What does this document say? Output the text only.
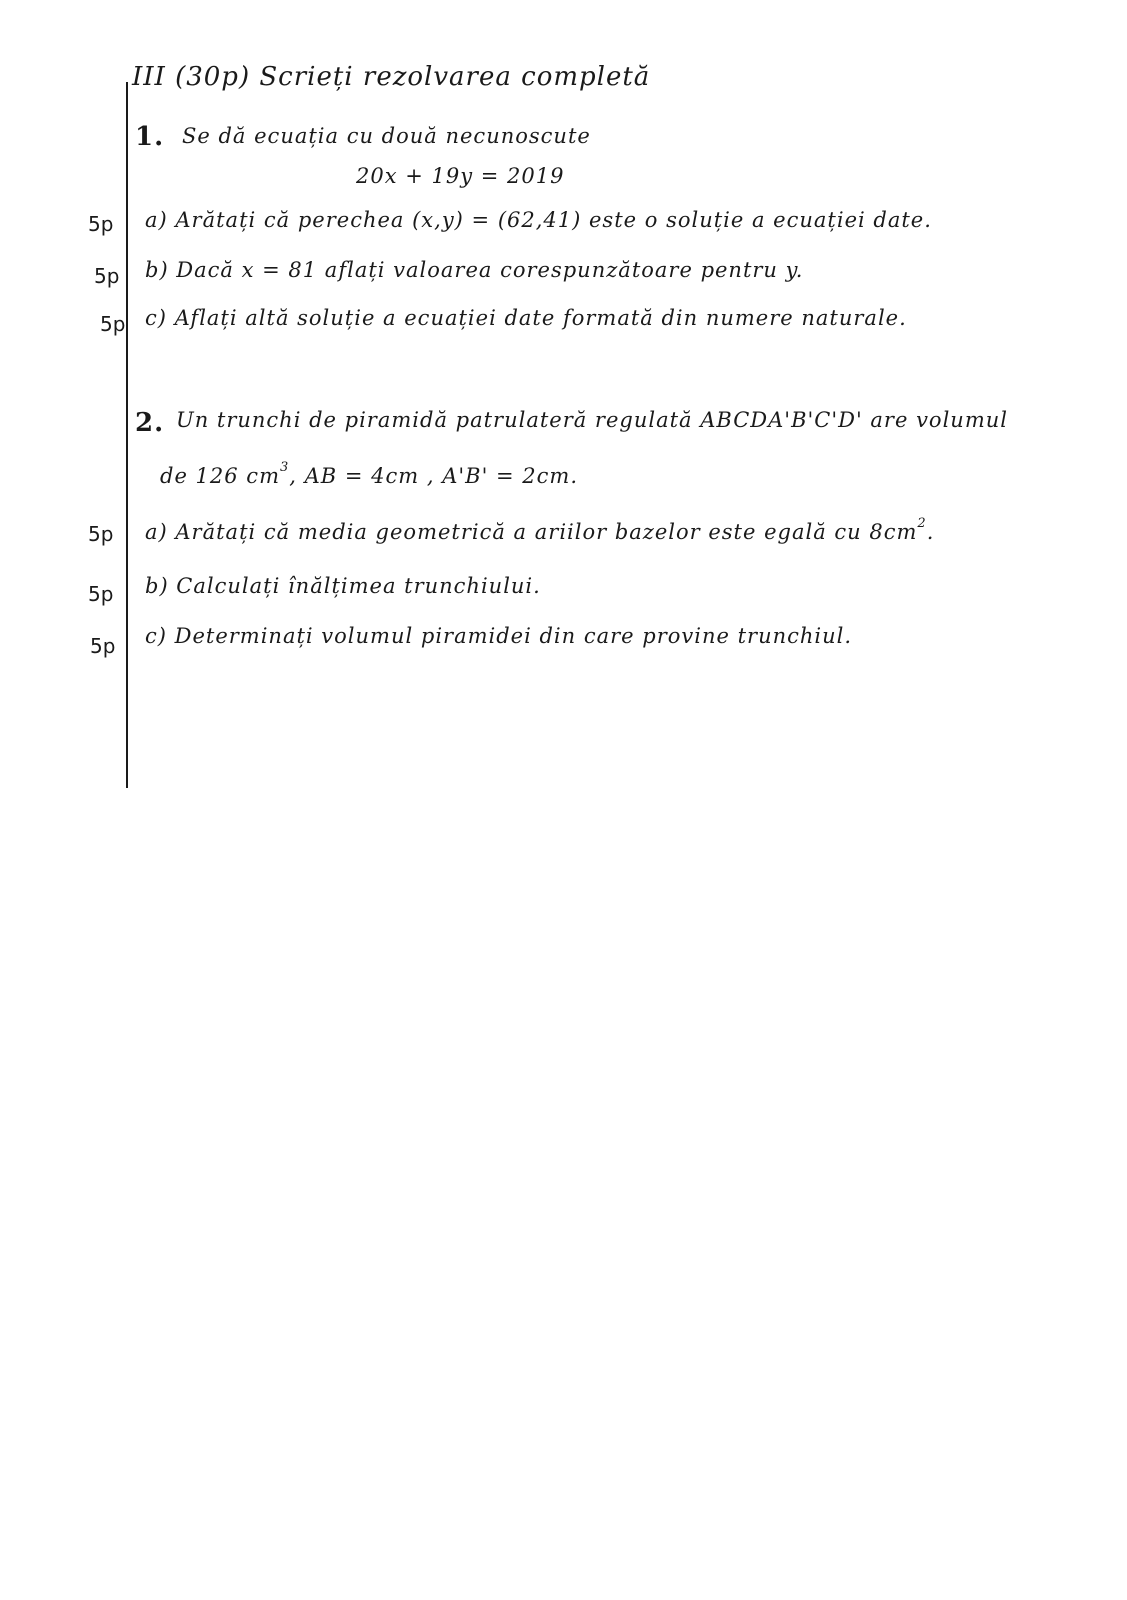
III (30p) Scrieți rezolvarea completă
1. Se dă ecuația cu două necunoscute
20x + 19y = 2019
5p a) Arătați că perechea (x,y) = (62,41) este o soluție a ecuației date.
5p b) Dacă x = 81 aflați valoarea corespunzătoare pentru y.
5p c) Aflați altă soluție a ecuației date formată din numere naturale.
2. Un trunchi de piramidă patrulateră regulată ABCDA'B'C'D' are volumul
de 126 $cm^3$, AB = 4cm , A'B' = 2cm.
5p a) Arătați că media geometrică a ariilor bazelor este egală cu $8cm^2$.
5p b) Calculați înălțimea trunchiului.
5p c) Determinați volumul piramidei din care provine trunchiul.
